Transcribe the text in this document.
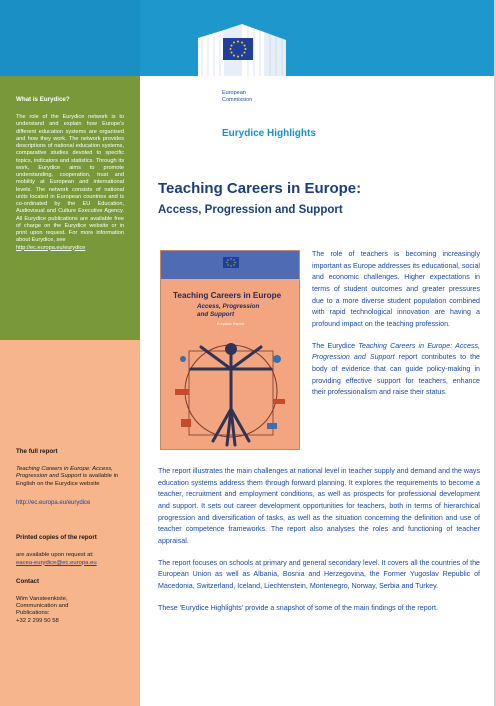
European
Commission
What is Eurydice?

The role of the Eurydice network is to understand and explain how Europe's different education systems are organised and how they work. The network provides descriptions of national education systems, comparative studies devoted to specific topics, indicators and statistics. Through its work, Eurydice aims to promote understanding, cooperation, trust and mobility at European and international levels. The network consists of national units located in European countries and is co-ordinated by the EU Education, Audiovisual and Culture Executive Agency. All Eurydice publications are available free of charge on the Eurydice website or in print upon request. For more information about Eurydice, see

http://ec.europa.eu/eurydice
The full report

Teaching Careers in Europe: Access, Progression and Support is available in English on the Eurydice website

http://ec.europa.eu/eurydice
Printed copies of the report

are available upon request at:

eacea-eurydice@ec.europa.eu
Contact

Wim Vansteenkiste,

Communication and

Publications:

+32 2 299 50 58

Eurydice Highlights
Teaching Careers in Europe:
Access, Progression and Support
Teaching Careers in Europe
Access, Progression
and Support
Eurydice Report

The role of teachers is becoming increasingly important as Europe addresses its educational, social and economic challenges. Higher expectations in terms of student outcomes and greater pressures due to a more diverse student population combined with rapid technological innovation are having a profound impact on the teaching profession.

The Eurydice Teaching Careers in Europe: Access, Progression and Support report contributes to the body of evidence that can guide policy-making in providing effective support for teachers, enhance their professionalism and raise their status.

The report illustrates the main challenges at national level in teacher supply and demand and the ways education systems address them through forward planning. It explores the requirements to become a teacher, recruitment and employment conditions, as well as prospects for professional development and support. It sets out career development opportunities for teachers, both in terms of hierarchical progression and diversification of tasks, as well as the situation concerning the definition and use of teacher competence frameworks. The report also analyses the roles and functioning of teacher appraisal.

The report focuses on schools at primary and general secondary level. It covers all the countries of the European Union as well as Albania, Bosnia and Herzegovina, the Former Yugoslav Republic of Macedonia, Switzerland, Iceland, Liechtenstein, Montenegro, Norway, Serbia and Turkey.

These 'Eurydice Highlights' provide a snapshot of some of the main findings of the report.
